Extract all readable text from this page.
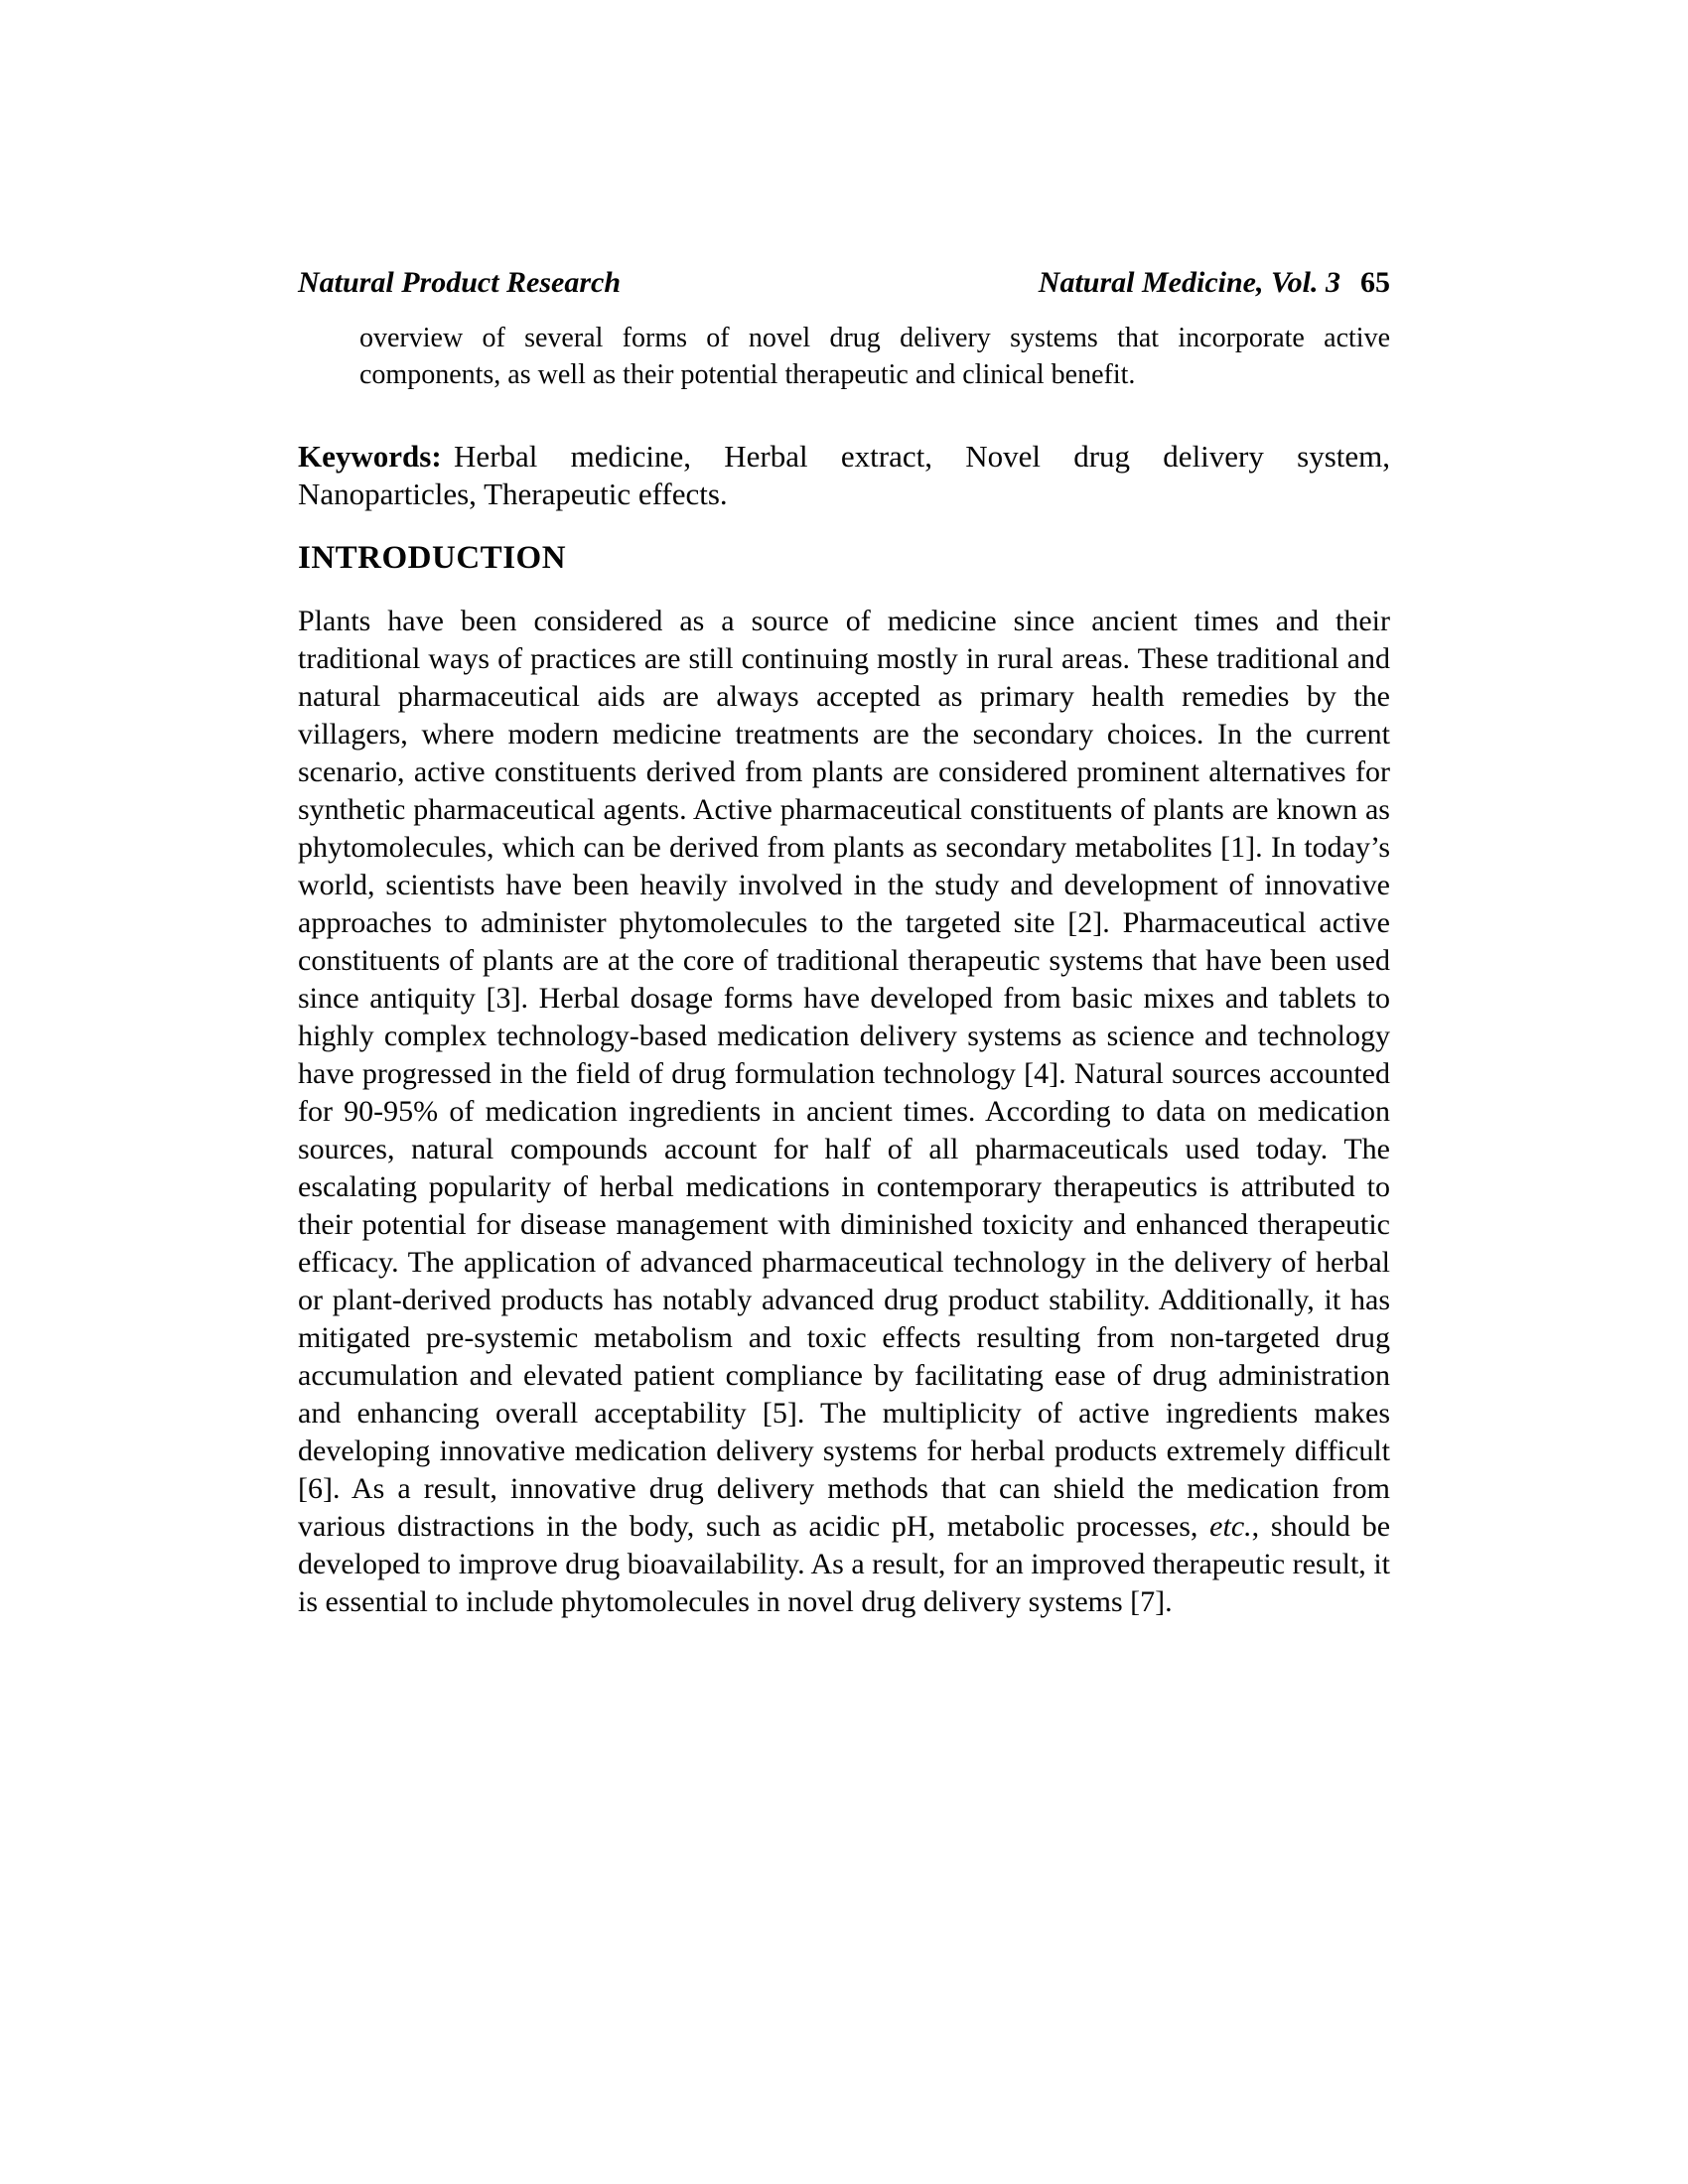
Natural Product Research	Natural Medicine, Vol. 3 65

overview of several forms of novel drug delivery systems that incorporate active components, as well as their potential therapeutic and clinical benefit.

Keywords: Herbal medicine, Herbal extract, Novel drug delivery system, Nanoparticles, Therapeutic effects.

INTRODUCTION

Plants have been considered as a source of medicine since ancient times and their traditional ways of practices are still continuing mostly in rural areas. These traditional and natural pharmaceutical aids are always accepted as primary health remedies by the villagers, where modern medicine treatments are the secondary choices. In the current scenario, active constituents derived from plants are considered prominent alternatives for synthetic pharmaceutical agents. Active pharmaceutical constituents of plants are known as phytomolecules, which can be derived from plants as secondary metabolites [1]. In today’s world, scientists have been heavily involved in the study and development of innovative approaches to administer phytomolecules to the targeted site [2]. Pharmaceutical active constituents of plants are at the core of traditional therapeutic systems that have been used since antiquity [3]. Herbal dosage forms have developed from basic mixes and tablets to highly complex technology-based medication delivery systems as science and technology have progressed in the field of drug formulation technology [4]. Natural sources accounted for 90-95% of medication ingredients in ancient times. According to data on medication sources, natural compounds account for half of all pharmaceuticals used today. The escalating popularity of herbal medications in contemporary therapeutics is attributed to their potential for disease management with diminished toxicity and enhanced therapeutic efficacy. The application of advanced pharmaceutical technology in the delivery of herbal or plant-derived products has notably advanced drug product stability. Additionally, it has mitigated pre-systemic metabolism and toxic effects resulting from non-targeted drug accumulation and elevated patient compliance by facilitating ease of drug administration and enhancing overall acceptability [5]. The multiplicity of active ingredients makes developing innovative medication delivery systems for herbal products extremely difficult [6]. As a result, innovative drug delivery methods that can shield the medication from various distractions in the body, such as acidic pH, metabolic processes, etc., should be developed to improve drug bioavailability. As a result, for an improved therapeutic result, it is essential to include phytomolecules in novel drug delivery systems [7].
